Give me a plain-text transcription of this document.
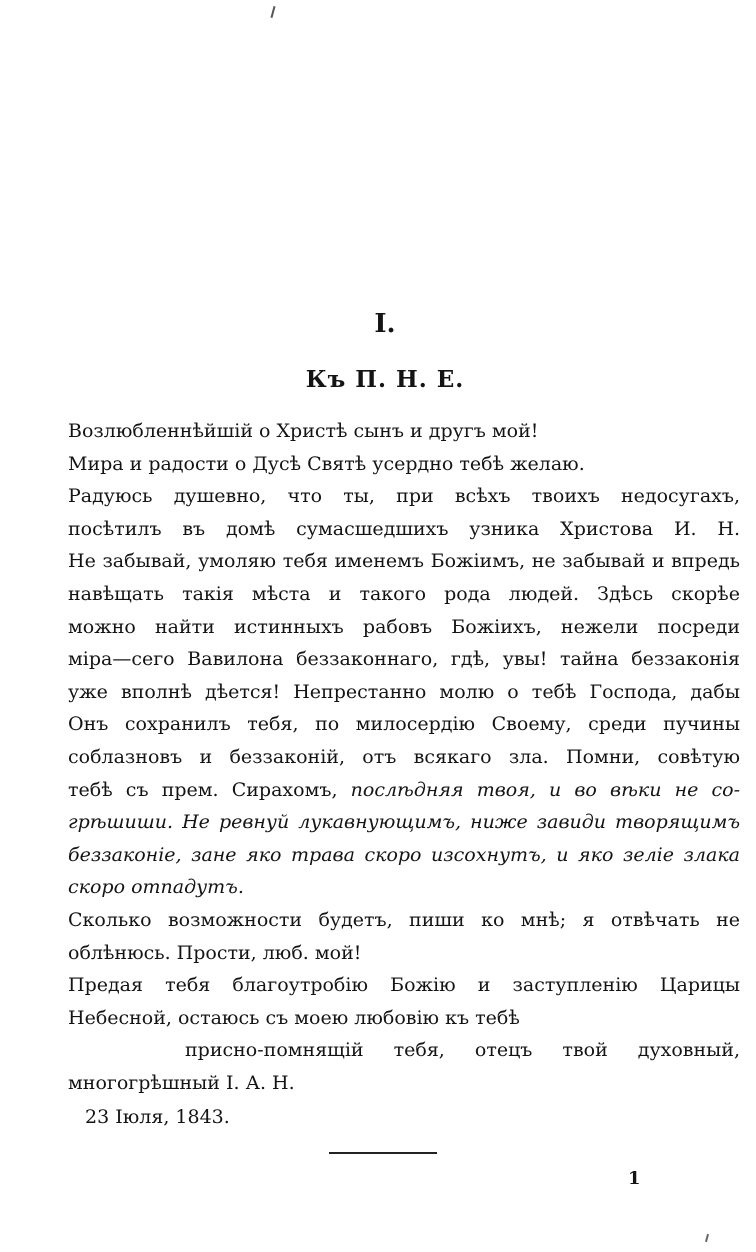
I.
Къ П. Н. Е.
Возлюбленнѣйшій о Христѣ сынъ и другъ мой!
Мира и радости о Дусѣ Святѣ усердно тебѣ желаю.
Радуюсь душевно, что ты, при всѣхъ твоихъ недосугахъ,
посѣтилъ въ домѣ сумасшедшихъ узника Христова И. Н.
Не забывай, умоляю тебя именемъ Божіимъ, не забывай и впредь
навѣщать такія мѣста и такого рода людей. Здѣсь скорѣе
можно найти истинныхъ рабовъ Божіихъ, нежели посреди
міра—сего Вавилона беззаконнаго, гдѣ, увы! тайна беззаконія
уже вполнѣ дѣется! Непрестанно молю о тебѣ Господа, дабы
Онъ сохранилъ тебя, по милосердію Своему, среди пучины
соблазновъ и беззаконій, отъ всякаго зла. Помни, совѣтую
тебѣ съ прем. Сирахомъ, послѣдняя твоя, и во вѣки не со-
грѣшиши. Не ревнуй лукавнующимъ, ниже завиди творящимъ
беззаконіе, зане яко трава скоро изсохнутъ, и яко зеліе злака
скоро отпадутъ.
Сколько возможности будетъ, пиши ко мнѣ; я отвѣчать не
облѣнюсь. Прости, люб. мой!
Предая тебя благоутробію Божію и заступленію Царицы
Небесной, остаюсь съ моею любовію къ тебѣ
присно-помнящій тебя, отецъ твой духовный,
многогрѣшный І. А. Н.
23 Іюля, 1843.
1
